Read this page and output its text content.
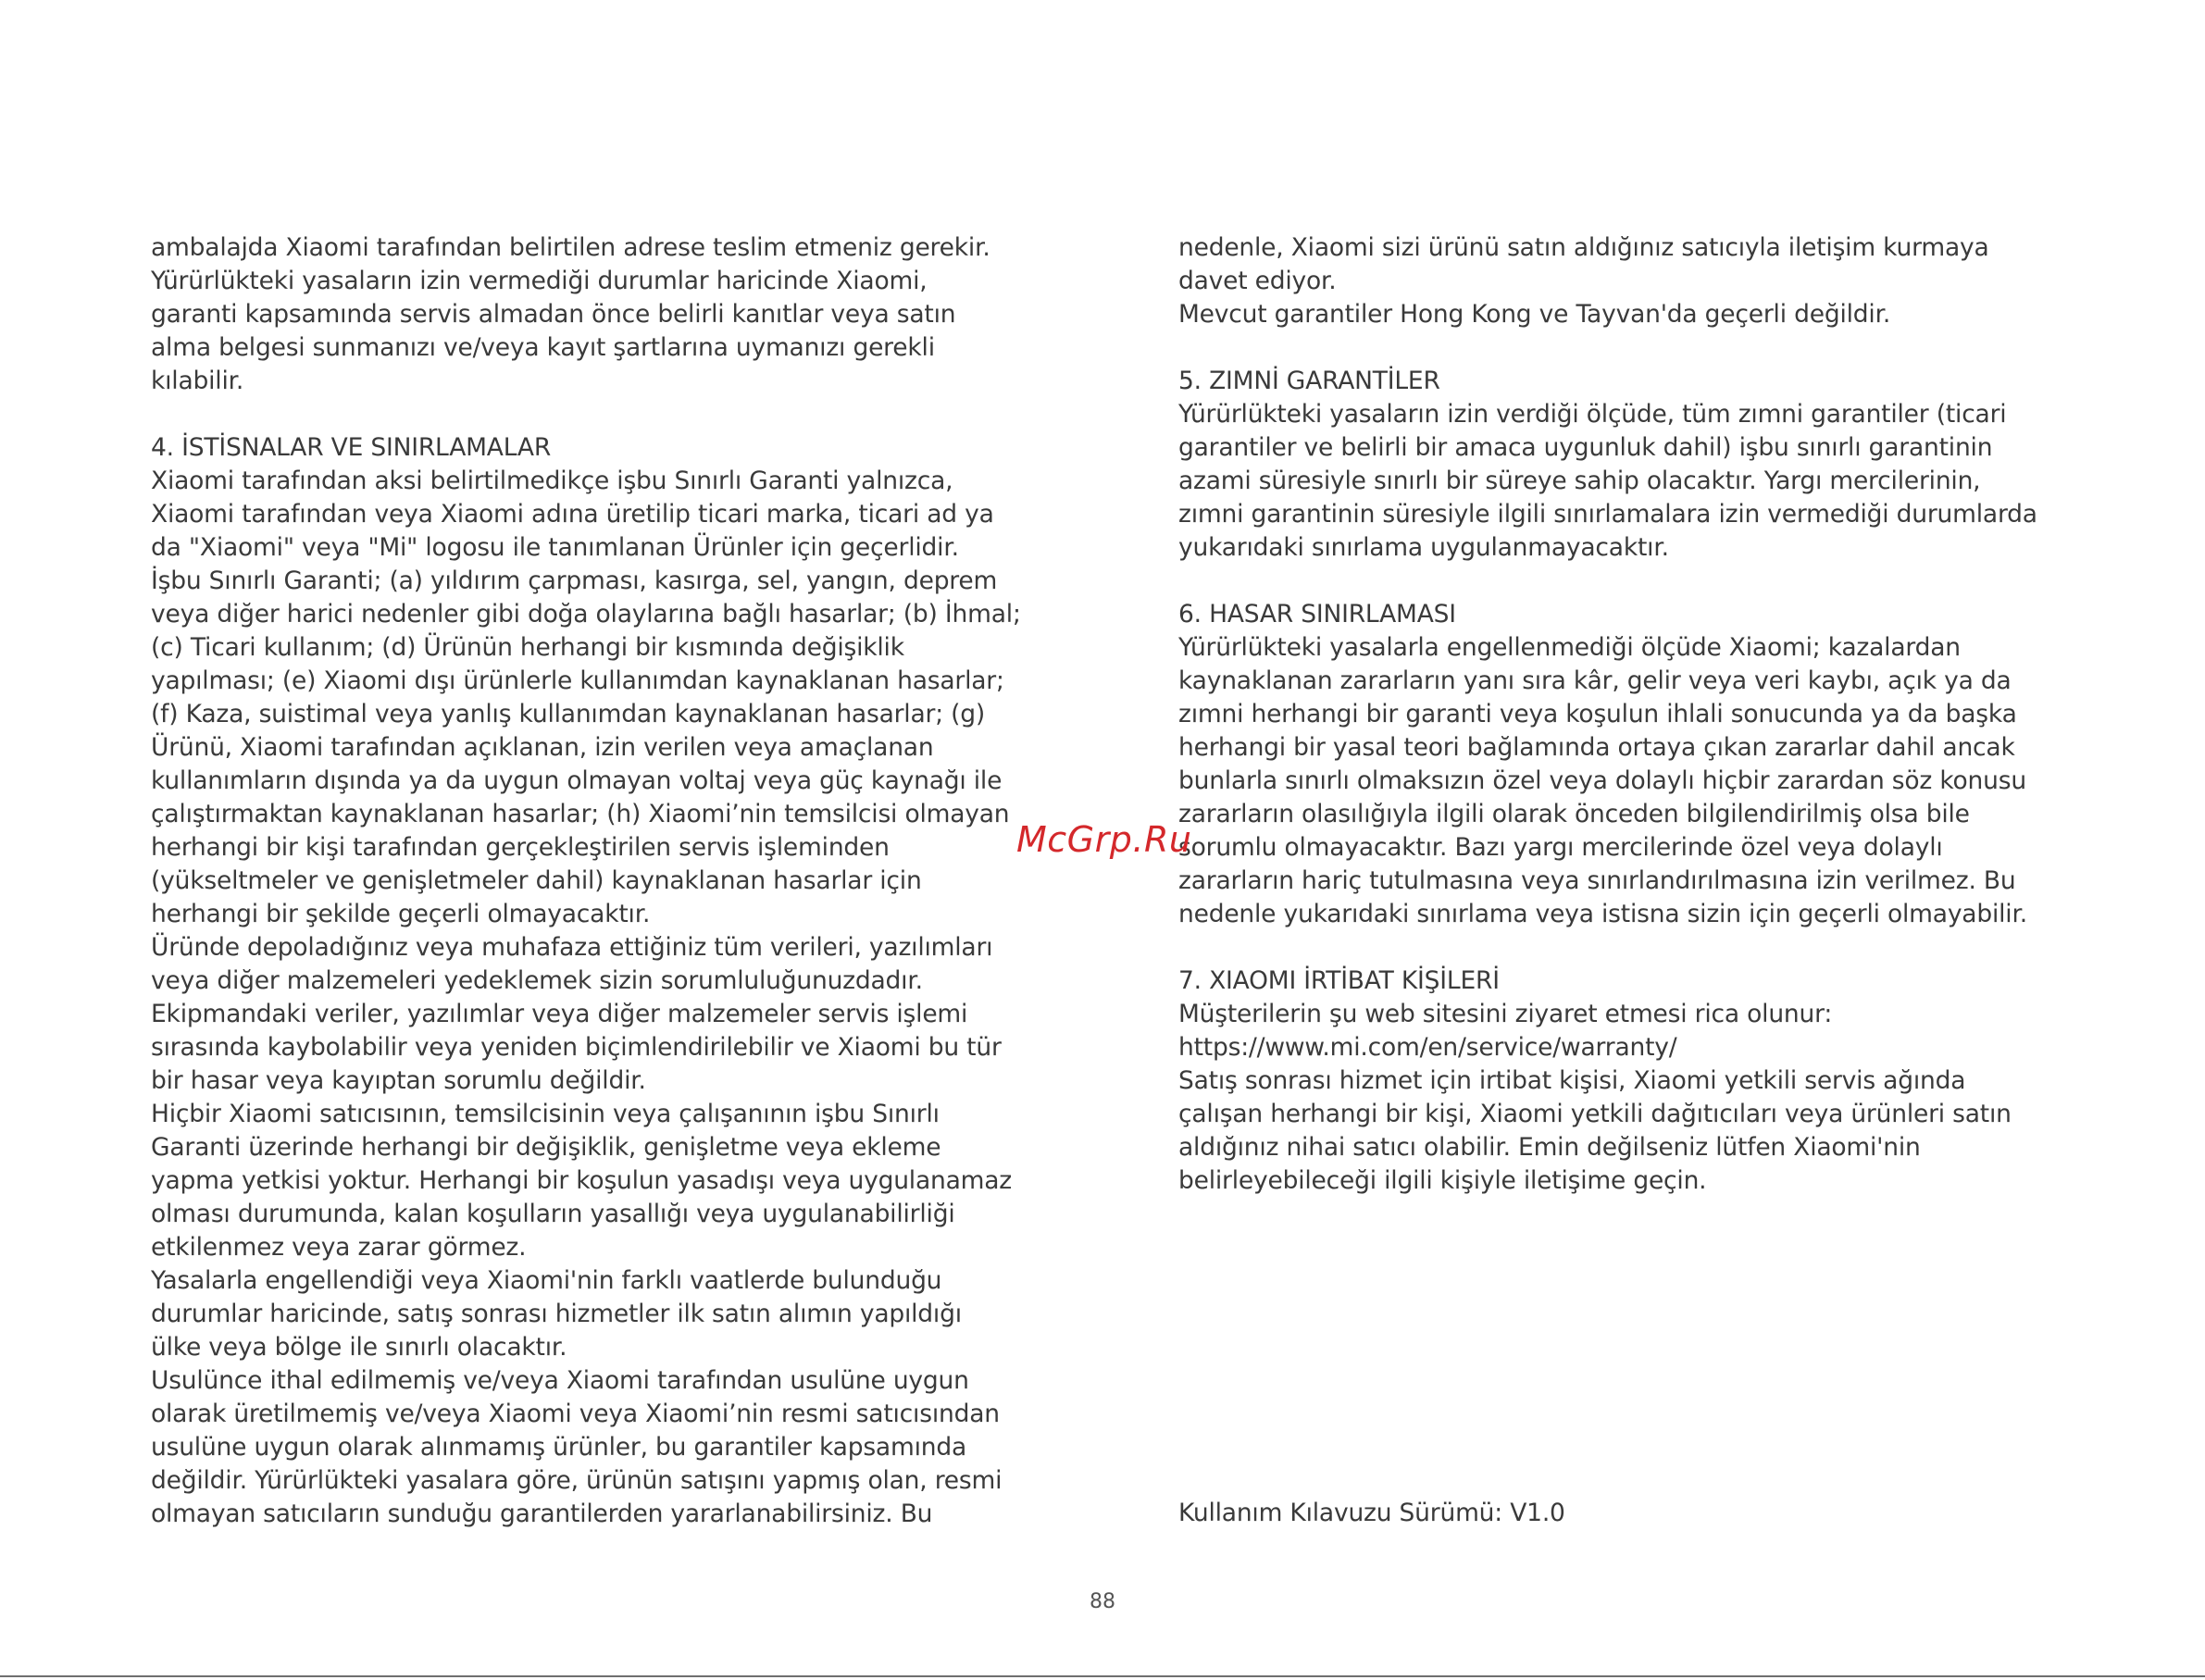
ambalajda Xiaomi tarafından belirtilen adrese teslim etmeniz gerekir.
Yürürlükteki yasaların izin vermediği durumlar haricinde Xiaomi,
garanti kapsamında servis almadan önce belirli kanıtlar veya satın
alma belgesi sunmanızı ve/veya kayıt şartlarına uymanızı gerekli
kılabilir.
4. İSTİSNALAR VE SINIRLAMALAR
Xiaomi tarafından aksi belirtilmedikçe işbu Sınırlı Garanti yalnızca,
Xiaomi tarafından veya Xiaomi adına üretilip ticari marka, ticari ad ya
da "Xiaomi" veya "Mi" logosu ile tanımlanan Ürünler için geçerlidir.
İşbu Sınırlı Garanti; (a) yıldırım çarpması, kasırga, sel, yangın, deprem
veya diğer harici nedenler gibi doğa olaylarına bağlı hasarlar; (b) İhmal;
(c) Ticari kullanım; (d) Ürünün herhangi bir kısmında değişiklik
yapılması; (e) Xiaomi dışı ürünlerle kullanımdan kaynaklanan hasarlar;
(f) Kaza, suistimal veya yanlış kullanımdan kaynaklanan hasarlar; (g)
Ürünü, Xiaomi tarafından açıklanan, izin verilen veya amaçlanan
kullanımların dışında ya da uygun olmayan voltaj veya güç kaynağı ile
çalıştırmaktan kaynaklanan hasarlar; (h) Xiaomi’nin temsilcisi olmayan
herhangi bir kişi tarafından gerçekleştirilen servis işleminden
(yükseltmeler ve genişletmeler dahil) kaynaklanan hasarlar için
herhangi bir şekilde geçerli olmayacaktır.
Üründe depoladığınız veya muhafaza ettiğiniz tüm verileri, yazılımları
veya diğer malzemeleri yedeklemek sizin sorumluluğunuzdadır.
Ekipmandaki veriler, yazılımlar veya diğer malzemeler servis işlemi
sırasında kaybolabilir veya yeniden biçimlendirilebilir ve Xiaomi bu tür
bir hasar veya kayıptan sorumlu değildir.
Hiçbir Xiaomi satıcısının, temsilcisinin veya çalışanının işbu Sınırlı
Garanti üzerinde herhangi bir değişiklik, genişletme veya ekleme
yapma yetkisi yoktur. Herhangi bir koşulun yasadışı veya uygulanamaz
olması durumunda, kalan koşulların yasallığı veya uygulanabilirliği
etkilenmez veya zarar görmez.
Yasalarla engellendiği veya Xiaomi'nin farklı vaatlerde bulunduğu
durumlar haricinde, satış sonrası hizmetler ilk satın alımın yapıldığı
ülke veya bölge ile sınırlı olacaktır.
Usulünce ithal edilmemiş ve/veya Xiaomi tarafından usulüne uygun
olarak üretilmemiş ve/veya Xiaomi veya Xiaomi’nin resmi satıcısından
usulüne uygun olarak alınmamış ürünler, bu garantiler kapsamında
değildir. Yürürlükteki yasalara göre, ürünün satışını yapmış olan, resmi
olmayan satıcıların sunduğu garantilerden yararlanabilirsiniz. Bu
nedenle, Xiaomi sizi ürünü satın aldığınız satıcıyla iletişim kurmaya
davet ediyor.
Mevcut garantiler Hong Kong ve Tayvan'da geçerli değildir.
5. ZIMNİ GARANTİLER
Yürürlükteki yasaların izin verdiği ölçüde, tüm zımni garantiler (ticari
garantiler ve belirli bir amaca uygunluk dahil) işbu sınırlı garantinin
azami süresiyle sınırlı bir süreye sahip olacaktır. Yargı mercilerinin,
zımni garantinin süresiyle ilgili sınırlamalara izin vermediği durumlarda
yukarıdaki sınırlama uygulanmayacaktır.
6. HASAR SINIRLAMASI
Yürürlükteki yasalarla engellenmediği ölçüde Xiaomi; kazalardan
kaynaklanan zararların yanı sıra kâr, gelir veya veri kaybı, açık ya da
zımni herhangi bir garanti veya koşulun ihlali sonucunda ya da başka
herhangi bir yasal teori bağlamında ortaya çıkan zararlar dahil ancak
bunlarla sınırlı olmaksızın özel veya dolaylı hiçbir zarardan söz konusu
zararların olasılığıyla ilgili olarak önceden bilgilendirilmiş olsa bile
sorumlu olmayacaktır. Bazı yargı mercilerinde özel veya dolaylı
zararların hariç tutulmasına veya sınırlandırılmasına izin verilmez. Bu
nedenle yukarıdaki sınırlama veya istisna sizin için geçerli olmayabilir.
7. XIAOMI İRTİBAT KİŞİLERİ
Müşterilerin şu web sitesini ziyaret etmesi rica olunur:
https://www.mi.com/en/service/warranty/
Satış sonrası hizmet için irtibat kişisi, Xiaomi yetkili servis ağında
çalışan herhangi bir kişi, Xiaomi yetkili dağıtıcıları veya ürünleri satın
aldığınız nihai satıcı olabilir. Emin değilseniz lütfen Xiaomi'nin
belirleyebileceği ilgili kişiyle iletişime geçin.
Kullanım Kılavuzu Sürümü: V1.0
McGrp.Ru
88
